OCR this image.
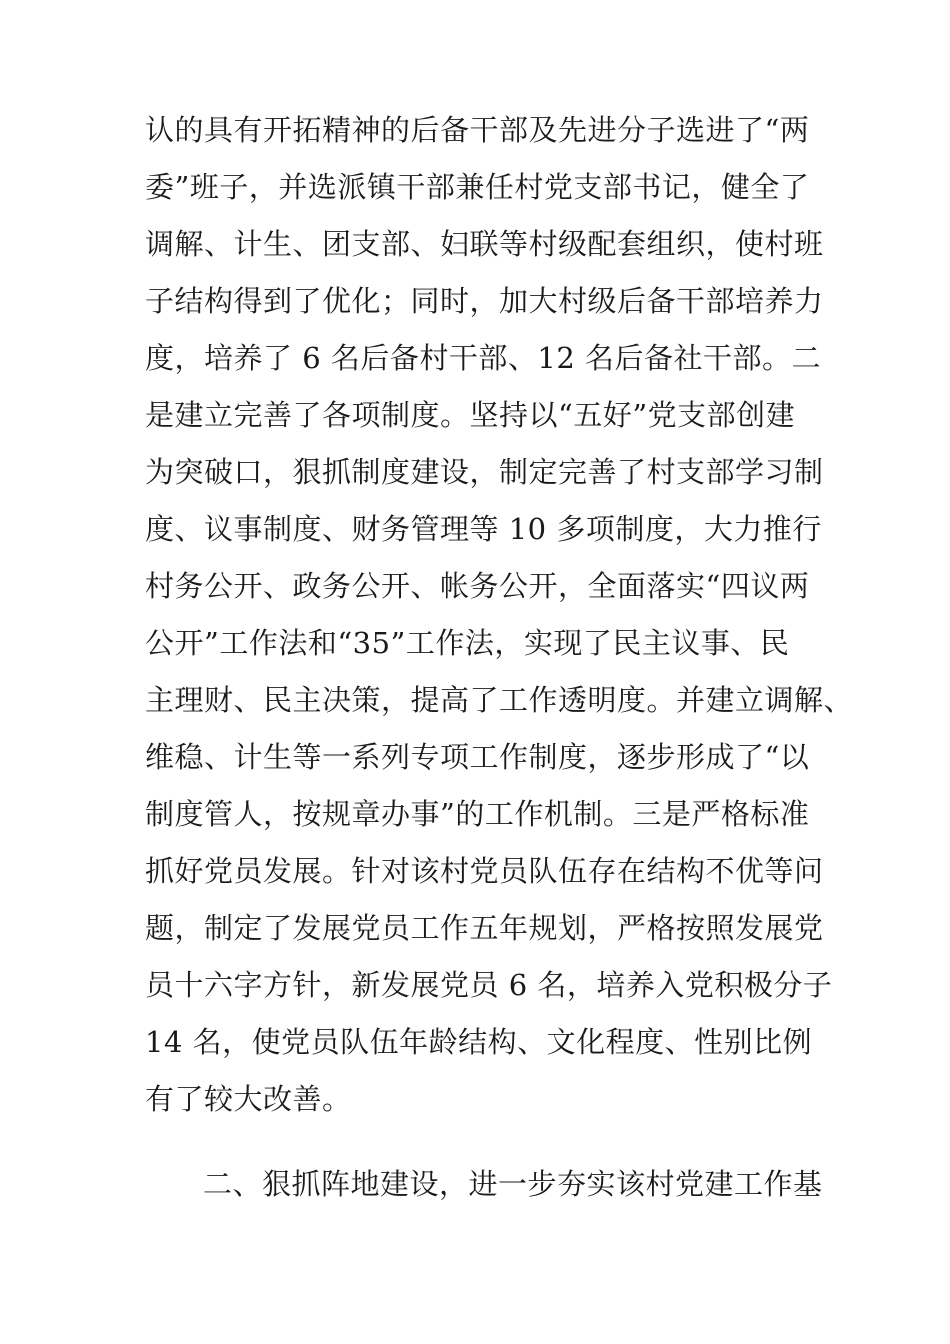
认的具有开拓精神的后备干部及先进分子选进了“两
委”班子，并选派镇干部兼任村党支部书记，健全了
调解、计生、团支部、妇联等村级配套组织，使村班
子结构得到了优化；同时，加大村级后备干部培养力
度，培养了 6 名后备村干部、12 名后备社干部。二
是建立完善了各项制度。坚持以“五好”党支部创建
为突破口，狠抓制度建设，制定完善了村支部学习制
度、议事制度、财务管理等 10 多项制度，大力推行
村务公开、政务公开、帐务公开，全面落实“四议两
公开”工作法和“35”工作法，实现了民主议事、民
主理财、民主决策，提高了工作透明度。并建立调解、
维稳、计生等一系列专项工作制度，逐步形成了“以
制度管人，按规章办事”的工作机制。三是严格标准
抓好党员发展。针对该村党员队伍存在结构不优等问
题，制定了发展党员工作五年规划，严格按照发展党
员十六字方针，新发展党员 6 名，培养入党积极分子
14 名，使党员队伍年龄结构、文化程度、性别比例
有了较大改善。
二、狠抓阵地建设，进一步夯实该村党建工作基
